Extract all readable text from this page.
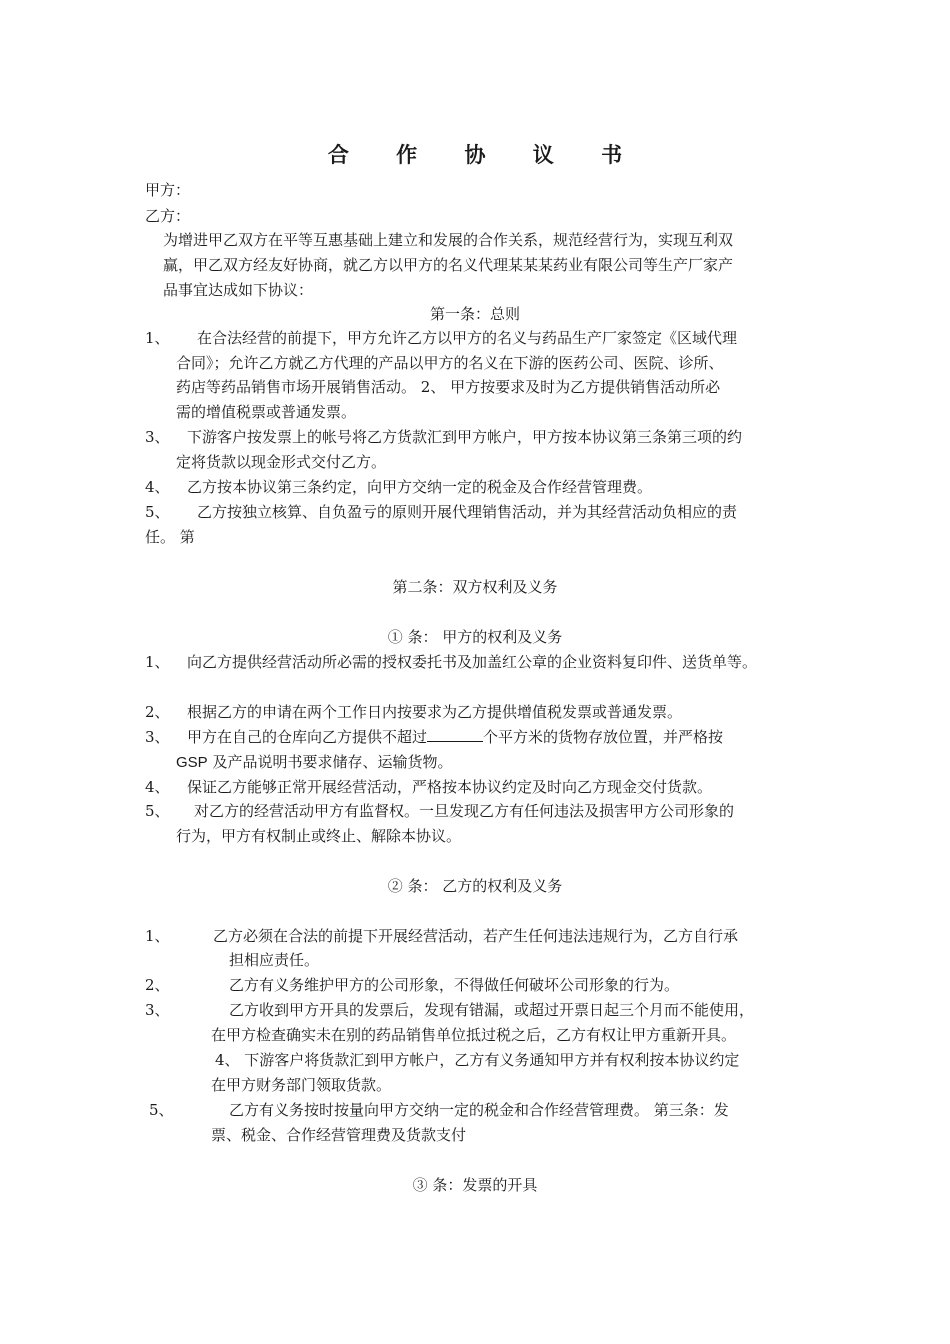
合 作 协 议 书
甲方：
乙方：
为增进甲乙双方在平等互惠基础上建立和发展的合作关系，规范经营行为，实现互利双
赢，甲乙双方经友好协商，就乙方以甲方的名义代理某某某药业有限公司等生产厂家产
品事宜达成如下协议：
第一条：总则
1、 在合法经营的前提下，甲方允许乙方以甲方的名义与药品生产厂家签定《区域代理
合同》；允许乙方就乙方代理的产品以甲方的名义在下游的医药公司、医院、诊所、
药店等药品销售市场开展销售活动。 2、 甲方按要求及时为乙方提供销售活动所必
需的增值税票或普通发票。
3、 下游客户按发票上的帐号将乙方货款汇到甲方帐户，甲方按本协议第三条第三项的约
定将货款以现金形式交付乙方。
4、 乙方按本协议第三条约定，向甲方交纳一定的税金及合作经营管理费。
5、 乙方按独立核算、自负盈亏的原则开展代理销售活动，并为其经营活动负相应的责
任。 第
第二条：双方权利及义务
① 条： 甲方的权利及义务
1、 向乙方提供经营活动所必需的授权委托书及加盖红公章的企业资料复印件、送货单等。
2、 根据乙方的申请在两个工作日内按要求为乙方提供增值税发票或普通发票。
3、 甲方在自己的仓库向乙方提供不超过	个平方米的货物存放位置，并严格按
GSP 及产品说明书要求储存、运输货物。
4、 保证乙方能够正常开展经营活动，严格按本协议约定及时向乙方现金交付货款。
5、 对乙方的经营活动甲方有监督权。一旦发现乙方有任何违法及损害甲方公司形象的
行为，甲方有权制止或终止、解除本协议。
② 条： 乙方的权利及义务
1、	乙方必须在合法的前提下开展经营活动，若产生任何违法违规行为，乙方自行承
担相应责任。
2、	乙方有义务维护甲方的公司形象，不得做任何破坏公司形象的行为。
3、	乙方收到甲方开具的发票后，发现有错漏，或超过开票日起三个月而不能使用，
在甲方检查确实未在别的药品销售单位抵过税之后，乙方有权让甲方重新开具。
4、 下游客户将货款汇到甲方帐户，乙方有义务通知甲方并有权利按本协议约定
在甲方财务部门领取货款。
5、	乙方有义务按时按量向甲方交纳一定的税金和合作经营管理费。 第三条：发
票、税金、合作经营管理费及货款支付
③ 条：发票的开具
